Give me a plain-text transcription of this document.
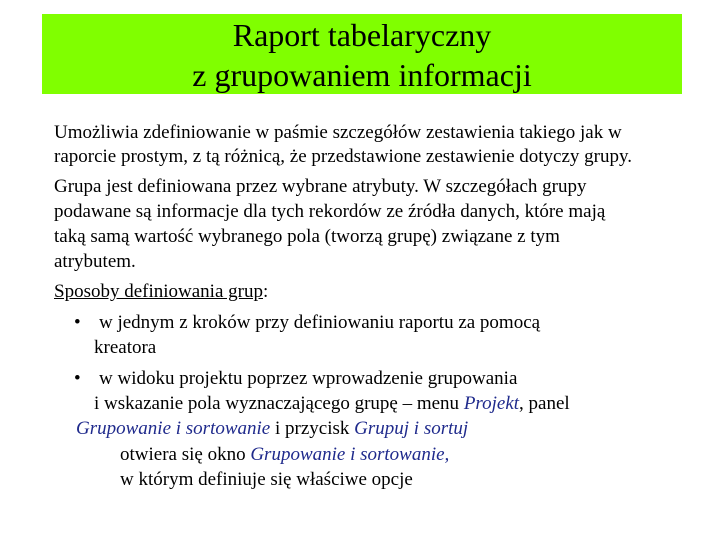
Raport tabelaryczny
z grupowaniem informacji
Umożliwia zdefiniowanie w paśmie szczegółów zestawienia takiego jak w
raporcie prostym, z tą różnicą, że przedstawione zestawienie dotyczy grupy.
Grupa jest definiowana przez wybrane atrybuty. W szczegółach grupy
podawane są informacje dla tych rekordów ze źródła danych, które mają
taką samą wartość wybranego pola (tworzą grupę) związane z tym
atrybutem.
Sposoby definiowania grup:
• w jednym z kroków przy definiowaniu raportu za pomocą
kreatora
• w widoku projektu poprzez wprowadzenie grupowania
i wskazanie pola wyznaczającego grupę – menu Projekt, panel
Grupowanie i sortowanie i przycisk Grupuj i sortuj
otwiera się okno Grupowanie i sortowanie,
w którym definiuje się właściwe opcje
